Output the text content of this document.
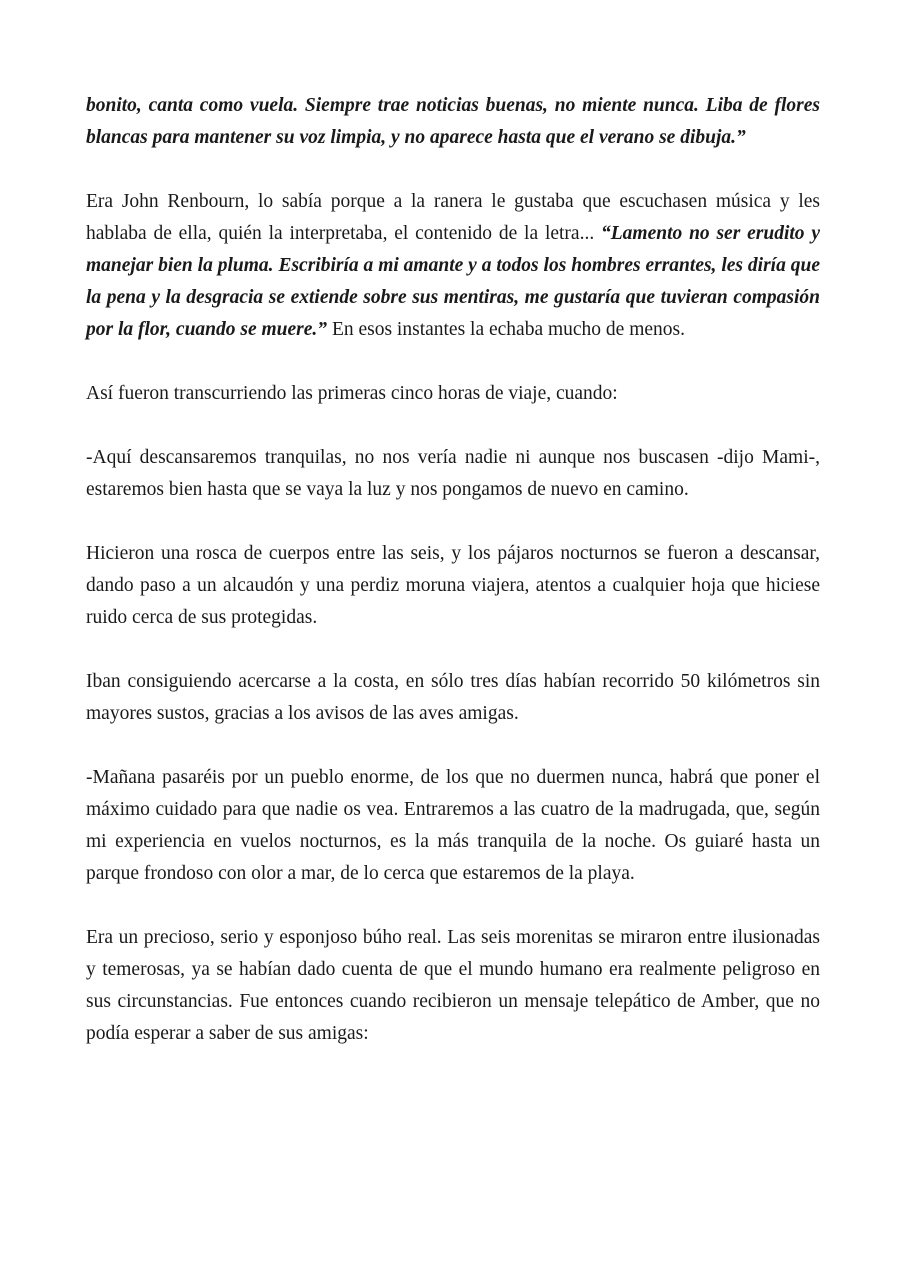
bonito, canta como vuela. Siempre trae noticias buenas, no miente nunca. Liba de flores blancas para mantener su voz limpia, y no aparece hasta que el verano se dibuja.”

Era John Renbourn, lo sabía porque a la ranera le gustaba que escuchasen música y les hablaba de ella, quién la interpretaba, el contenido de la letra... “Lamento no ser erudito y manejar bien la pluma. Escribiría a mi amante y a todos los hombres errantes, les diría que la pena y la desgracia se extiende sobre sus mentiras, me gustaría que tuvieran compasión por la flor, cuando se muere.” En esos instantes la echaba mucho de menos.

Así fueron transcurriendo las primeras cinco horas de viaje, cuando:

-Aquí descansaremos tranquilas, no nos vería nadie ni aunque nos buscasen -dijo Mami-, estaremos bien hasta que se vaya la luz y nos pongamos de nuevo en camino.

Hicieron una rosca de cuerpos entre las seis, y los pájaros nocturnos se fueron a descansar, dando paso a un alcaudón y una perdiz moruna viajera, atentos a cualquier hoja que hiciese ruido cerca de sus protegidas.

Iban consiguiendo acercarse a la costa, en sólo tres días habían recorrido 50 kilómetros sin mayores sustos, gracias a los avisos de las aves amigas.

-Mañana pasaréis por un pueblo enorme, de los que no duermen nunca, habrá que poner el máximo cuidado para que nadie os vea. Entraremos a las cuatro de la madrugada, que, según mi experiencia en vuelos nocturnos, es la más tranquila de la noche. Os guiaré hasta un parque frondoso con olor a mar, de lo cerca que estaremos de la playa.

Era un precioso, serio y esponjoso búho real. Las seis morenitas se miraron entre ilusionadas y temerosas, ya se habían dado cuenta de que el mundo humano era realmente peligroso en sus circunstancias. Fue entonces cuando recibieron un mensaje telepático de Amber, que no podía esperar a saber de sus amigas:
